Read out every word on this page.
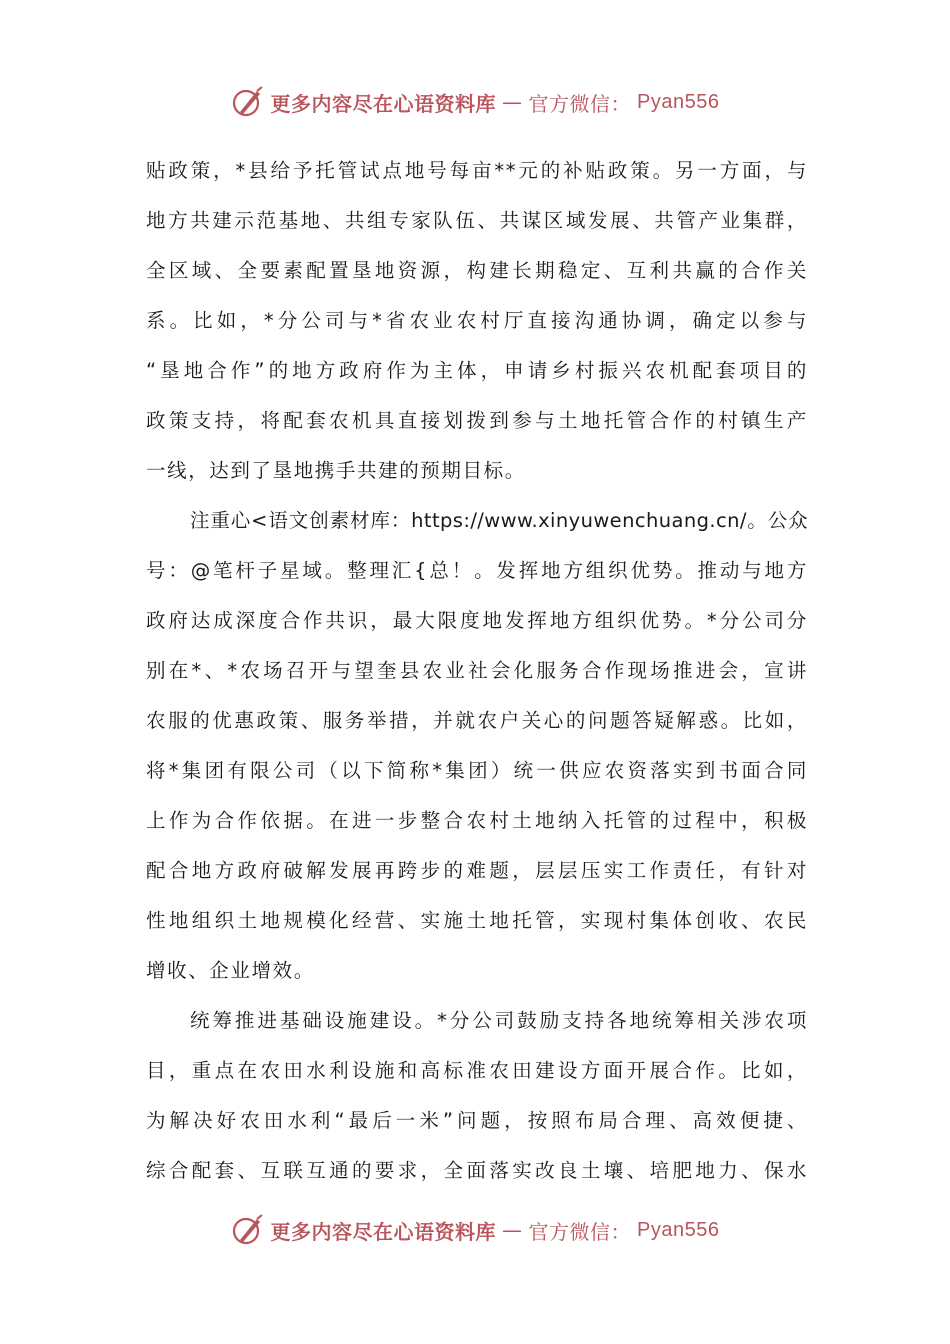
更多内容尽在心语资料库 — 官方微信： Pyan556
贴政策，*县给予托管试点地号每亩**元的补贴政策。另一方面，与
地方共建示范基地、共组专家队伍、共谋区域发展、共管产业集群，
全区域、全要素配置垦地资源，构建长期稳定、互利共赢的合作关
系。比如，*分公司与*省农业农村厅直接沟通协调，确定以参与
“垦地合作”的地方政府作为主体，申请乡村振兴农机配套项目的
政策支持，将配套农机具直接划拨到参与土地托管合作的村镇生产
一线，达到了垦地携手共建的预期目标。
注重心<语文创素材库：https://www.xinyuwenchuang.cn/。公众
号：@笔杆子星域。整理汇{总！。发挥地方组织优势。推动与地方
政府达成深度合作共识，最大限度地发挥地方组织优势。*分公司分
别在*、*农场召开与望奎县农业社会化服务合作现场推进会，宣讲
农服的优惠政策、服务举措，并就农户关心的问题答疑解惑。比如，
将*集团有限公司（以下简称*集团）统一供应农资落实到书面合同
上作为合作依据。在进一步整合农村土地纳入托管的过程中，积极
配合地方政府破解发展再跨步的难题，层层压实工作责任，有针对
性地组织土地规模化经营、实施土地托管，实现村集体创收、农民
增收、企业增效。
统筹推进基础设施建设。*分公司鼓励支持各地统筹相关涉农项
目，重点在农田水利设施和高标准农田建设方面开展合作。比如，
为解决好农田水利“最后一米”问题，按照布局合理、高效便捷、
综合配套、互联互通的要求，全面落实改良土壤、培肥地力、保水
更多内容尽在心语资料库 — 官方微信： Pyan556
